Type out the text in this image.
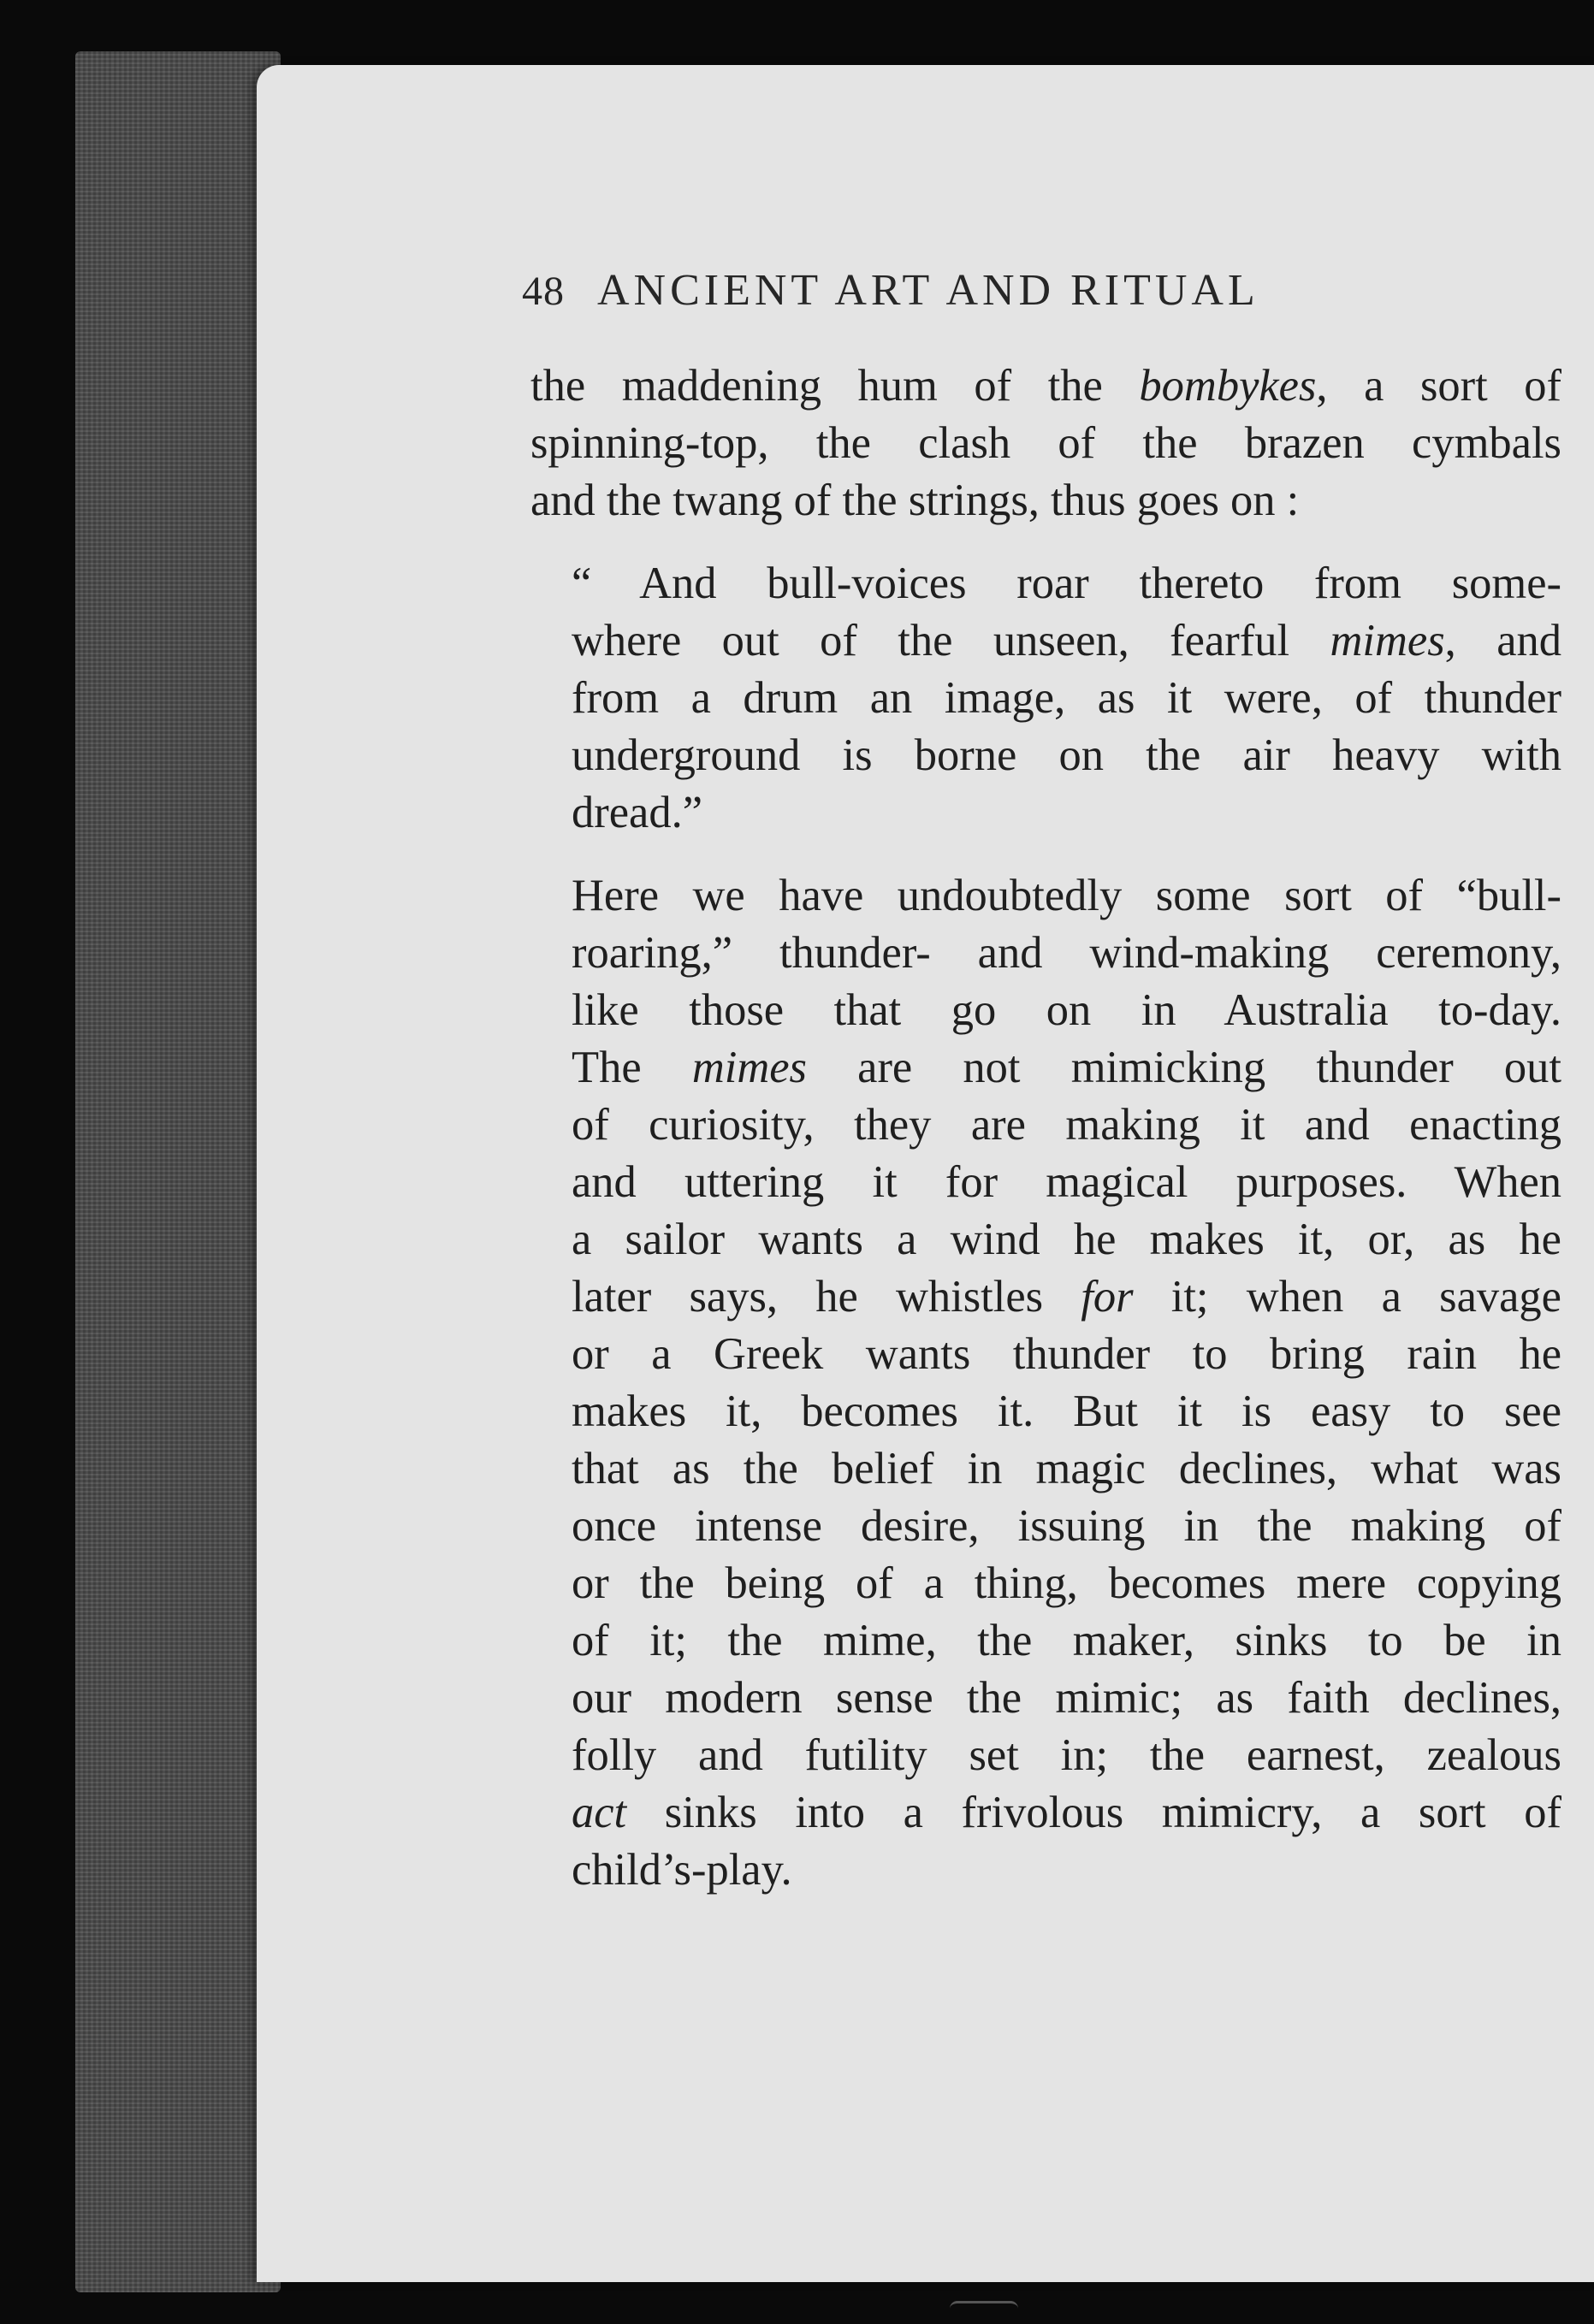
48 ANCIENT ART AND RITUAL

the maddening hum of the bombykes, a sort of
spinning-top, the clash of the brazen cymbals
and the twang of the strings, thus goes on :

“ And bull-voices roar thereto from some-
where out of the unseen, fearful mimes, and
from a drum an image, as it were, of thunder
underground is borne on the air heavy with
dread.”

Here we have undoubtedly some sort of “bull-
roaring,” thunder- and wind-making ceremony,
like those that go on in Australia to-day.
The mimes are not mimicking thunder out
of curiosity, they are making it and enacting
and uttering it for magical purposes. When
a sailor wants a wind he makes it, or, as he
later says, he whistles for it; when a savage
or a Greek wants thunder to bring rain he
makes it, becomes it. But it is easy to see
that as the belief in magic declines, what was
once intense desire, issuing in the making of
or the being of a thing, becomes mere copying
of it; the mime, the maker, sinks to be in
our modern sense the mimic; as faith declines,
folly and futility set in; the earnest, zealous
act sinks into a frivolous mimicry, a sort of
child’s-play.
